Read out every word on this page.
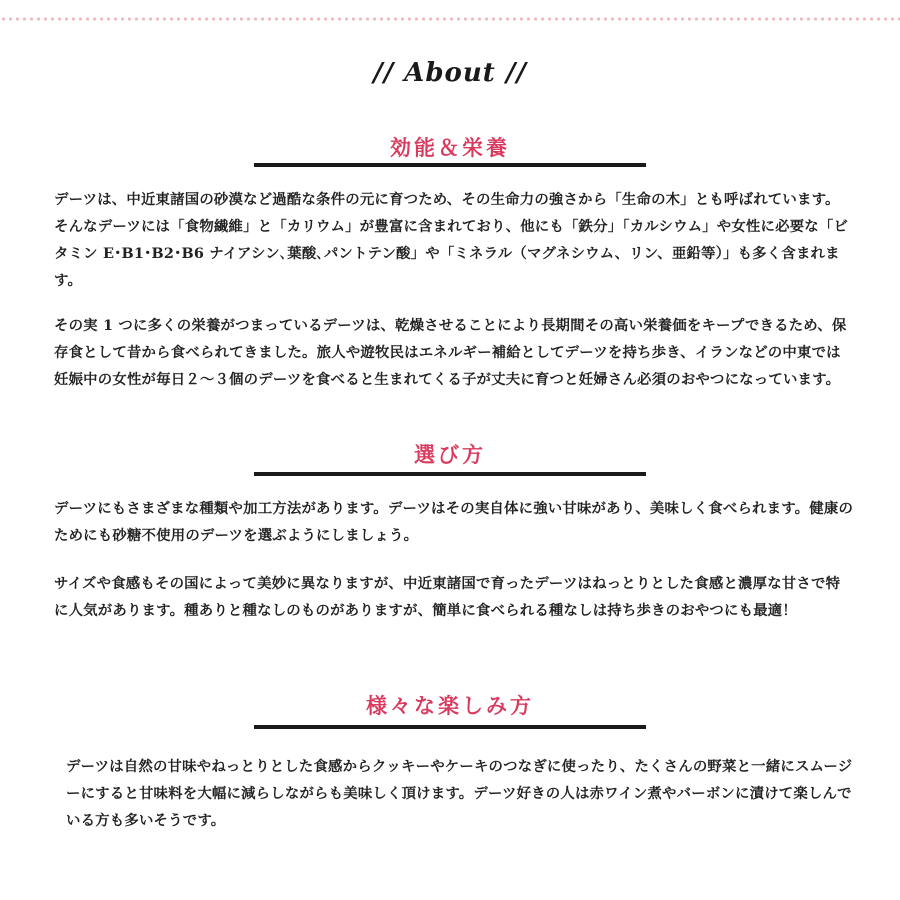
// About //
効能＆栄養

デーツは、中近東諸国の砂漠など過酷な条件の元に育つため、その生命力の強さから「生命の木」とも呼ばれています。そんなデーツには「食物繊維」と「カリウム」が豊富に含まれており、他にも「鉄分」「カルシウム」や女性に必要な「ビタミン E･B1･B2･B6 ナイアシン､葉酸､パントテン酸」や「ミネラル（マグネシウム、リン、亜鉛等）」も多く含まれます。

その実 1 つに多くの栄養がつまっているデーツは、乾燥させることにより長期間その高い栄養価をキープできるため、保存食として昔から食べられてきました。旅人や遊牧民はエネルギー補給としてデーツを持ち歩き、イランなどの中東では妊娠中の女性が毎日２～３個のデーツを食べると生まれてくる子が丈夫に育つと妊婦さん必須のおやつになっています。

選び方

デーツにもさまざまな種類や加工方法があります。デーツはその実自体に強い甘味があり、美味しく食べられます。健康のためにも砂糖不使用のデーツを選ぶようにしましょう。

サイズや食感もその国によって美妙に異なりますが、中近東諸国で育ったデーツはねっとりとした食感と濃厚な甘さで特に人気があります。種ありと種なしのものがありますが、簡単に食べられる種なしは持ち歩きのおやつにも最適！

様々な楽しみ方

デーツは自然の甘味やねっとりとした食感からクッキーやケーキのつなぎに使ったり、たくさんの野菜と一緒にスムージーにすると甘味料を大幅に減らしながらも美味しく頂けます。デーツ好きの人は赤ワイン煮やバーボンに漬けて楽しんでいる方も多いそうです。
